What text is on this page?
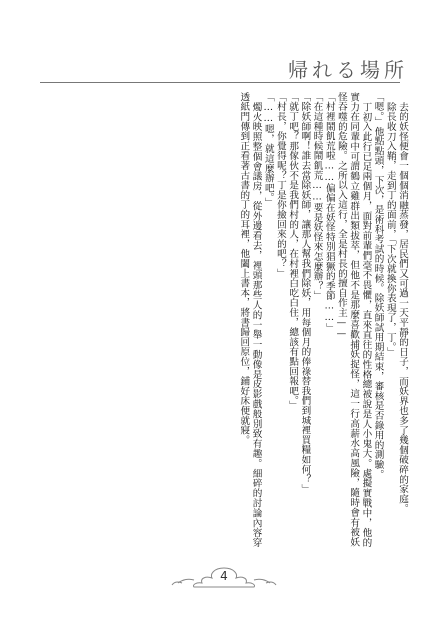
帰れる場所

去的妖怪便會一個個消融蒸發，居民們又可過一天平靜的日子，而妖界也多了幾個破碎的家庭。

除長收刀入鞘，走到丁的面前，「下次就換你表現了，丁。」

「嗯。」他點點頭，下次，是術科考試的時候。除妖師試用期結束，審核是否錄用的測驗。

丁初入此行已足兩個月，面對前輩們毫不畏懼，直來直往的性格總被說是人小鬼大。處擬實戰中，他的實力在同輩中可謂鶴立雞群出類拔萃，但他不是那麼喜歡捕妖捉怪，這一行高薪水高風險，隨時會有被妖怪吞噬的危險。之所以入這行，全是村長的擅自作主——

「村裡鬧飢荒啦……偏偏在妖怪特別猖獗的季節……」

「在這種時候鬧飢荒……要是妖怪來怎麼辦？」

「除妖師啊！誰去當除妖師，讓那人幫我們除妖，用每個月的俸祿替我們到城裡買糧如何？」

「就丁吧？那傢伙不是我們村的人，在村裡白吃白住，總該有點回報吧。」

「村長，你覺得呢？丁是你撿回來的吧？」

「……嗯，就這麼辦吧。」

燭火映照整個會議房，從外邊看去，裡頭那些人的一舉一動像是皮影戲般別致有趣。細碎的討論內容穿透紙門傳到正看著古書的丁的耳裡，他闔上書本，將書歸回原位，鋪好床便就寢。

4
